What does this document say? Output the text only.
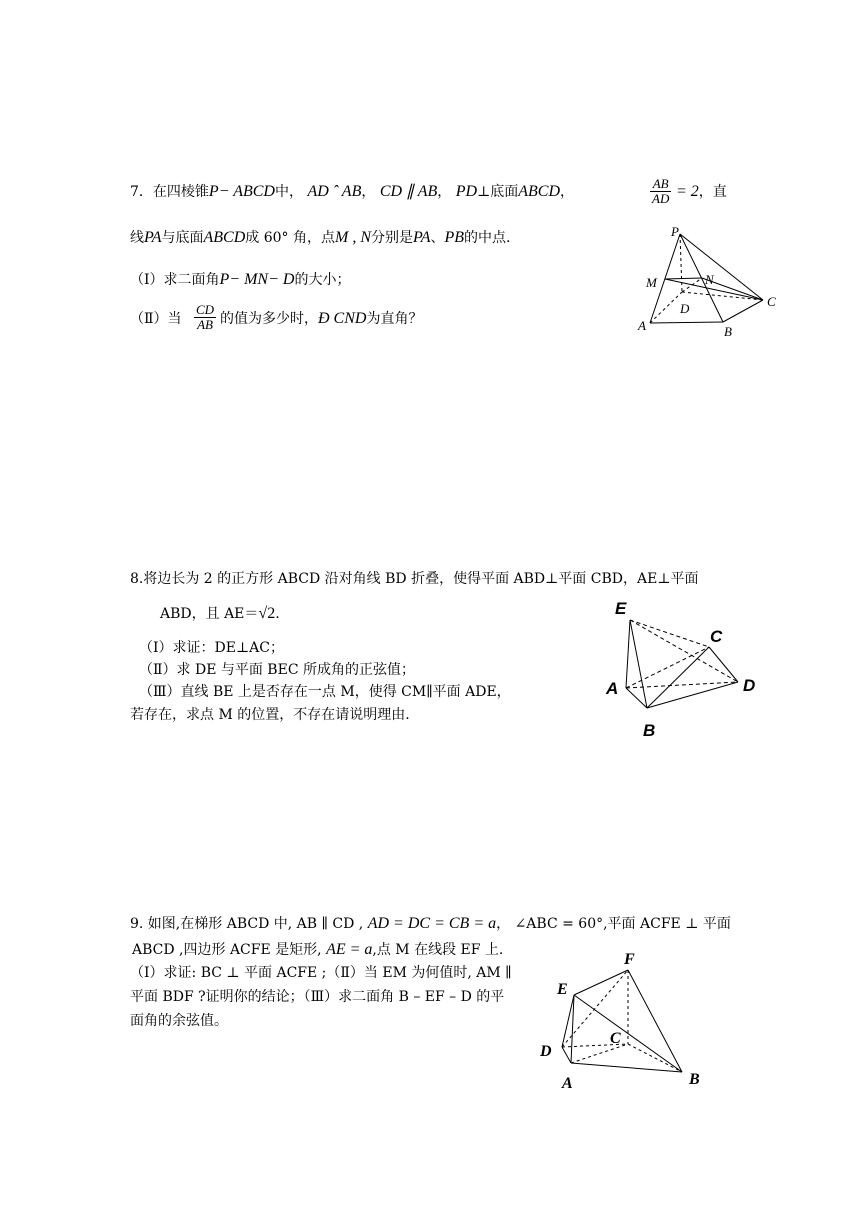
7．在四棱锥P− ABCD中， AD ˆ AB， CD ∥ AB， PD⊥底面ABCD，	$\frac{AB}{AD} = 2$，直
线PA与底面ABCD成 60° 角，点M , N分别是PA、PB的中点.
（Ⅰ）求二面角P− MN− D的大小；
（Ⅱ）当 $\frac{CD}{AB}$ 的值为多少时，Ð CND为直角？
P
M	N
C
D
A	B
8.将边长为 2 的正方形 ABCD 沿对角线 BD 折叠，使得平面 ABD⊥平面 CBD，AE⊥平面
ABD，且 AE＝√2.
（Ⅰ）求证：DE⊥AC；
（Ⅱ）求 DE 与平面 BEC 所成角的正弦值；
（Ⅲ）直线 BE 上是否存在一点 M，使得 CM∥平面 ADE，
若存在，求点 M 的位置，不存在请说明理由.
E
C
A	D
B
9. 如图,在梯形 ABCD 中, AB ∥ CD , AD = DC = CB = a， ∠ABC = 60°,平面 ACFE ⊥ 平面
ABCD ,四边形 ACFE 是矩形, AE = a,点 M 在线段 EF 上.
（Ⅰ）求证: BC ⊥ 平面 ACFE ;（Ⅱ）当 EM 为何值时, AM ∥
平面 BDF ?证明你的结论；（Ⅲ）求二面角 B – EF – D 的平
面角的余弦值。
F
E
C
D
A	B
